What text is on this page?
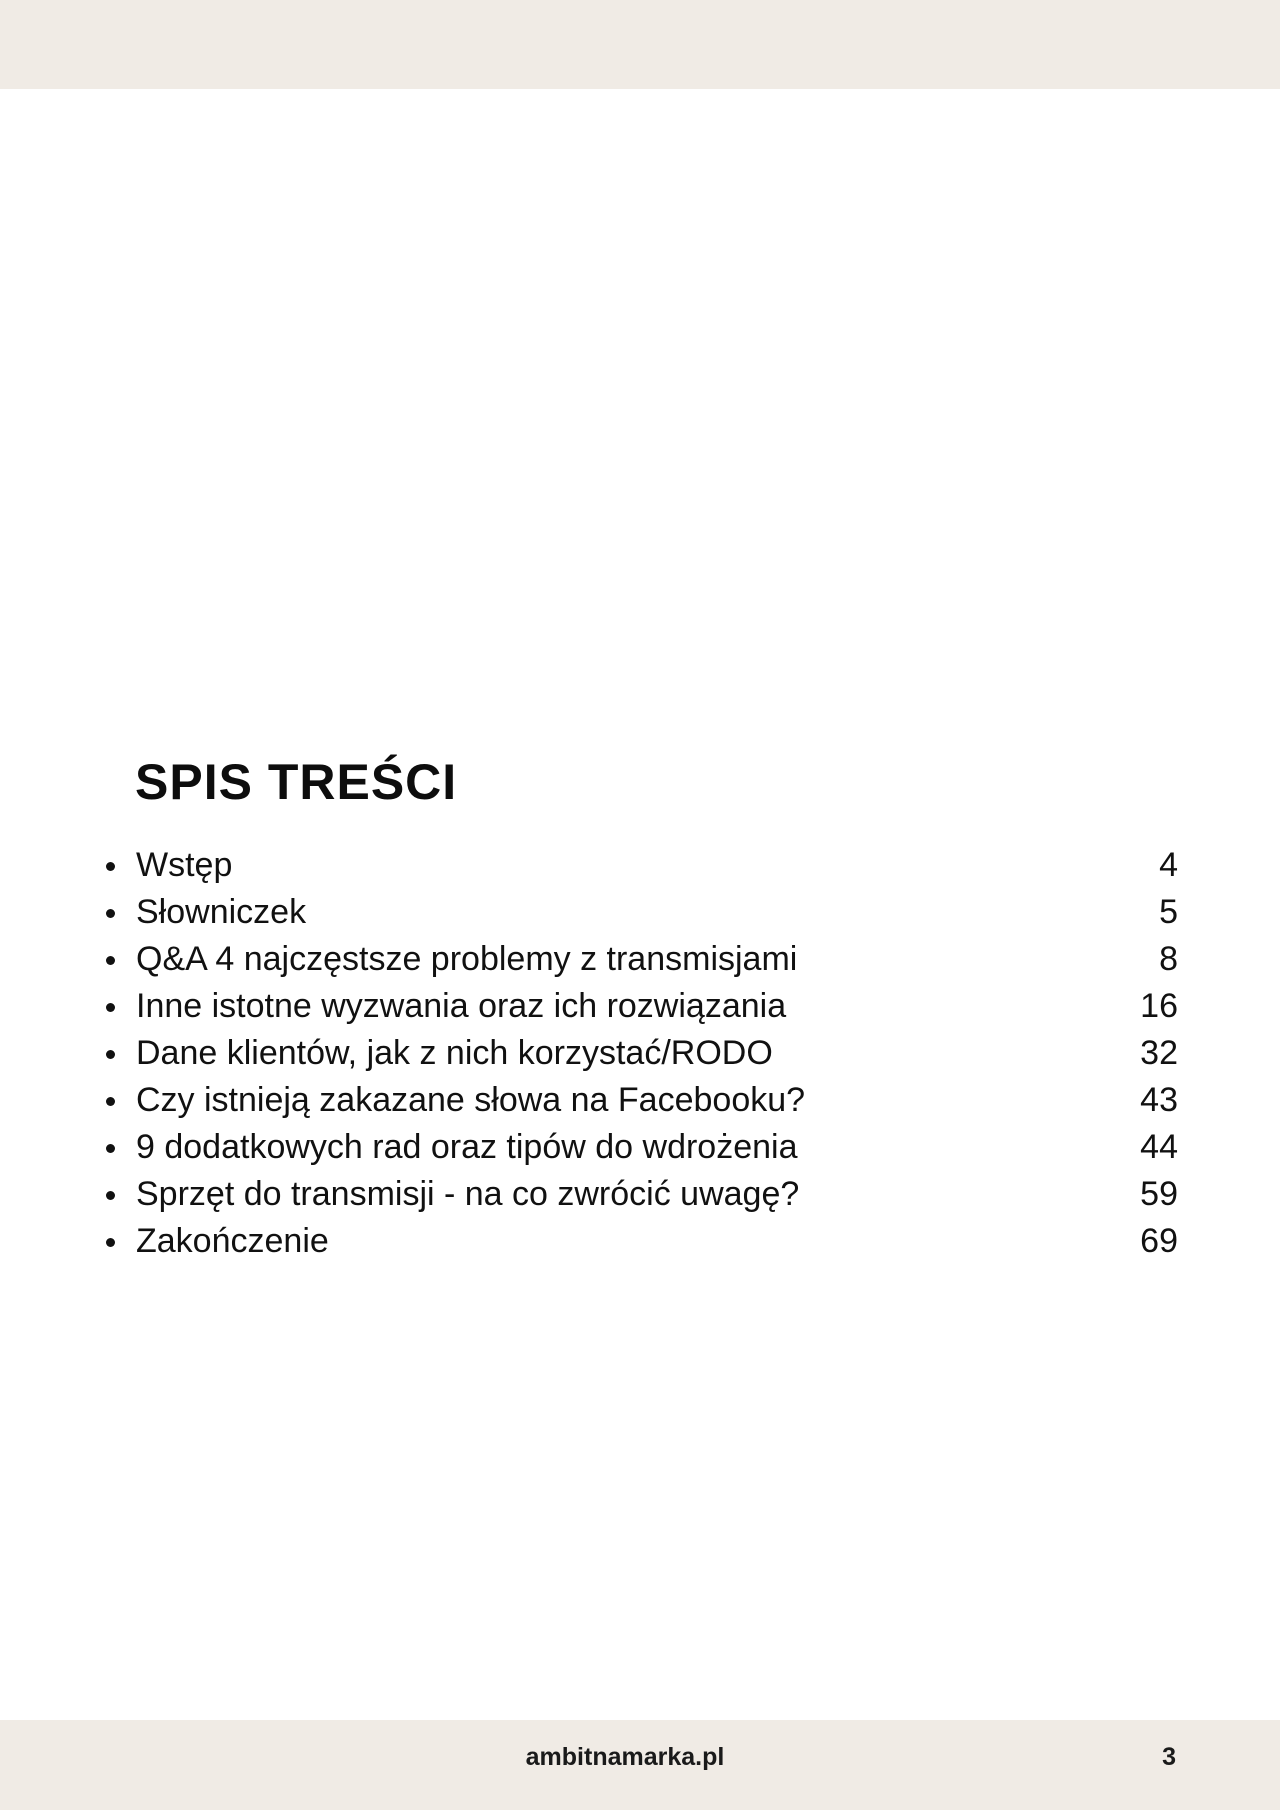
SPIS TREŚCI
Wstęp	4
Słowniczek	5
Q&A 4 najczęstsze problemy z transmisjami	8
Inne istotne wyzwania oraz ich rozwiązania	16
Dane klientów, jak z nich korzystać/RODO	32
Czy istnieją zakazane słowa na Facebooku?	43
9 dodatkowych rad oraz tipów do wdrożenia	44
Sprzęt do transmisji - na co zwrócić uwagę?	59
Zakończenie	69
ambitnamarka.pl	3
